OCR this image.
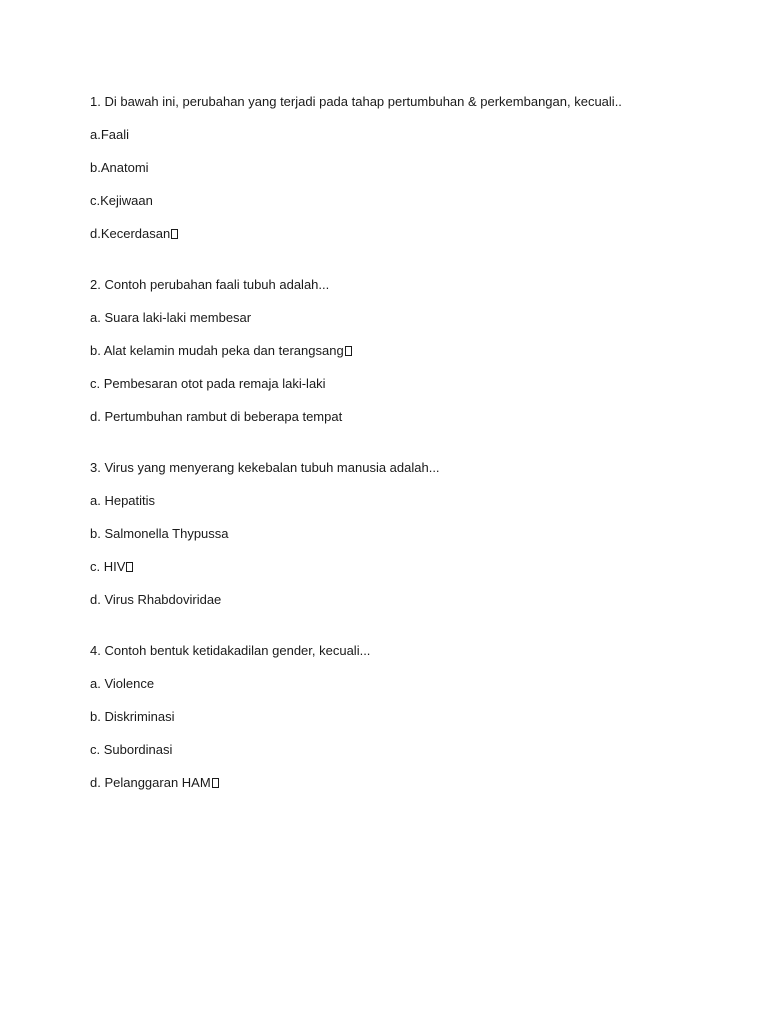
1. Di bawah ini, perubahan yang terjadi pada tahap pertumbuhan & perkembangan, kecuali..
a.Faali
b.Anatomi
c.Kejiwaan
d.Kecerdasan
2. Contoh perubahan faali tubuh adalah...
a. Suara laki-laki membesar
b. Alat kelamin mudah peka dan terangsang
c. Pembesaran otot pada remaja laki-laki
d. Pertumbuhan rambut di beberapa tempat
3. Virus yang menyerang kekebalan tubuh manusia adalah...
a. Hepatitis
b. Salmonella Thypussa
c. HIV
d. Virus Rhabdoviridae
4. Contoh bentuk ketidakadilan gender, kecuali...
a. Violence
b. Diskriminasi
c. Subordinasi
d. Pelanggaran HAM
